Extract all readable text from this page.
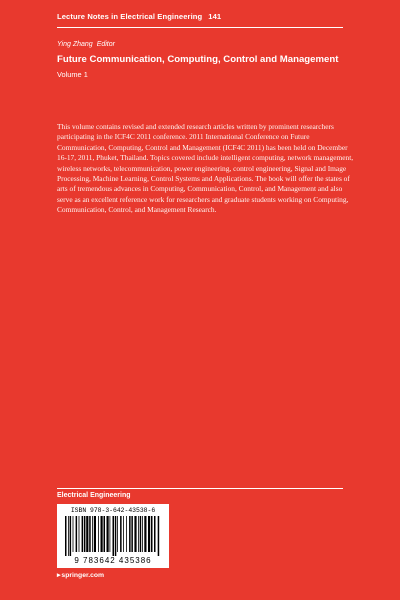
Lecture Notes in Electrical Engineering 141
Ying Zhang Editor
Future Communication, Computing, Control and Management
Volume 1
This volume contains revised and extended research articles written by prominent researchers participating in the ICF4C 2011 conference. 2011 International Conference on Future Communication, Computing, Control and Management (ICF4C 2011) has been held on December 16-17, 2011, Phuket, Thailand. Topics covered include intelligent computing, network management, wireless networks, telecommunication, power engineering, control engineering, Signal and Image Processing, Machine Learning, Control Systems and Applications. The book will offer the states of arts of tremendous advances in Computing, Communication, Control, and Management and also serve as an excellent reference work for researchers and graduate students working on Computing, Communication, Control, and Management Research.
Electrical Engineering
ISBN 978-3-642-43538-6
9 783642 435386
▸springer.com
